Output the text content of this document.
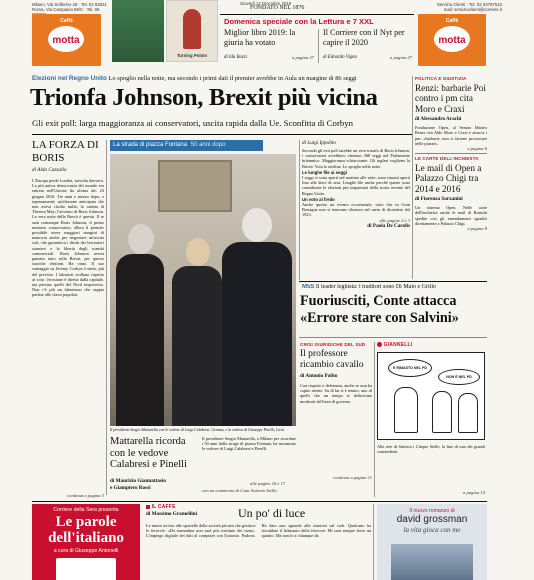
Milano, Via Solferino 28 · Tel. 02 62821
Roma, Via Campania 59/C · Tel. 06
Servizio Clienti · Tel. 02 63797510
mail: servizioclienti@corriere.it
Caffè
motta
Turning Points
Giovedì 12 Dicembre 2019
FONDATO NEL 1876
Domenica speciale con la Lettura e 7 XXL
Miglior libro 2019: la giuria ha votato
di Ida Bozzi	a pagina 27
Il Corriere con il Nyt per capire il 2020
di Edoardo Vigna	a pagina 27
Caffè
motta
Elezioni nel Regno Unito Lo spoglio nella notte, ma secondo i primi dati il premier avrebbe in Aula un margine di 86 seggi
Trionfa Johnson, Brexit più vicina
Gli exit poll: larga maggioranza ai conservatori, uscita rapida dalla Ue. Sconfitta di Corbyn
LA FORZA DI BORIS
di Aldo Cazzullo
L'Europa perde Londra, stavolta davvero. La più antica democrazia del mondo era entrata nell'Unione da ultima dei 23 giugno 2016. Tre anni e mezzo dopo, e ripensamenti; un'elezione anticipata che non aveva risolto nulla; la caduta di Theresa May; l'avvento di Boris Johnson. La vera notte della Brexit è questa. Il re sarà comunque Boris Johnson, il primo ministro conservatore, allora il premier possibile avere maggiori margini di manovra anche per negoziare un'uscita soft, che garantisca i diritti dei lavoratori stranieri e la libertà degli scambi commerciali. Boris Johnson aveva puntato tutto sulla Brexit, per questo storiche elezioni. Ha vinto. Il suo vantaggio su Jeremy Corbyn è netto, più del previsto. I laburisti crollano rispetto al voto: l'erosione è diretta dalla capitale, ma persino quelli del Nord impoverito. Non c'è più un laburismo che sappia parlare alle classi popolari.
continua a pagina 3
La strada di piazza Fontana 50 anni dopo
Il presidente Sergio Mattarella con le vedove di Luigi Calabresi, Gemma, e la vedova di Giuseppe Pinelli, Licia
Mattarella ricorda con le vedove Calabresi e Pinelli
di Maurizio Giannattasio
e Giampiero Rossi
Il presidente Sergio Mattarella, a Milano per ricordare i 50 anni dalla strage di piazza Fontana, ha incontrato le vedove di Luigi Calabresi e Pinelli.
alle pagine 16 e 17
con un commento di Gian Antonio Stella
di Luigi Ippolito
Secondo gli exit poll sarebbe un vero trionfo di Boris Johnson: i conservatori avrebbero ottenuto 368 seggi nel Parlamento britannico. Maggioranza schiacciante. Gli inglesi vogliono la Brexit. Vota la sterlina. Lo spoglio nella notte.
Le lunghe file ai seggi
I seggi si sono aperti nel mattino alle sette, sono rimasti aperti fino alle dieci di sera. Lunghe file anche perché queste sono considerate le elezioni più importanti della storia recente del Regno Unito.
Un voto al fredo
Anche questo un evento eccezionale, visto che in Gran Bretagna non si tenevano elezioni nel mese di dicembre dal 1923.
alle pagine 2 e 3
di Paola De Carolis
M5S Il leader leghista: i traditori sono Di Maio e Grillo
Fuoriusciti, Conte attacca «Errore stare con Salvini»
CRISI GIURIDICHE DEL SUD
Il professore ricambio cavallo
di Antonio Polito
Con rispetto e deferenza, anche se non ha capito niente. Su di lui si è tenuto, uno di quelli che un tempo si definivano moderati dell'area di governo.
continua a pagina 11
GIANNELLI
È RIMASTO NEL PD
NON È NEL PD
Alla rete di Sinistra i Cinque Stelle, la fine di uno dei grandi contendenti.
a pagina 10
POLITICA E GIUSTIZIA
Renzi: barbarie Poi contro i pm cita Moro e Craxi
di Alessandro Arachi
Fondazione Open, al Senato Matteo Renzi cita Aldo Moro e Craxi e attacca i pm: «barbarie, non ci faremo processare nelle piazze».
a pagina 6
LE CARTE DELL'INCHIESTA
Le mail di Open a Palazzo Chigi tra 2014 e 2016
di Fiorenza Sarzanini
Un sistema Open. Nelle carte dell'inchiesta anche le mail di Bianchi spedite con gli emendamenti sgraditi direttamente a Palazzo Chigi.
a pagina 8
Corriere della Sera presenta
Le parole dell'italiano
a cura di Giuseppe Antonelli
IL CAFFÈ
di Massimo Gramellini	Un po' di luce
Le nuove avviso alle sportelle della società privata che gestisce le ferrovie: «Da stamattina non sarà più costituto dei treni». L'impiego digitale dei dati al computer con l'intarsio. Padova. Ho dato uno sguardo alle reazioni sul web. Qualcuno ha riscaldato il fidanzato della ferrovie: Mi sarà sempre forse un quattro. Ma non lo a chiunque dà.
Il nuovo romanzo di
david grossman
la vita gioca con me
